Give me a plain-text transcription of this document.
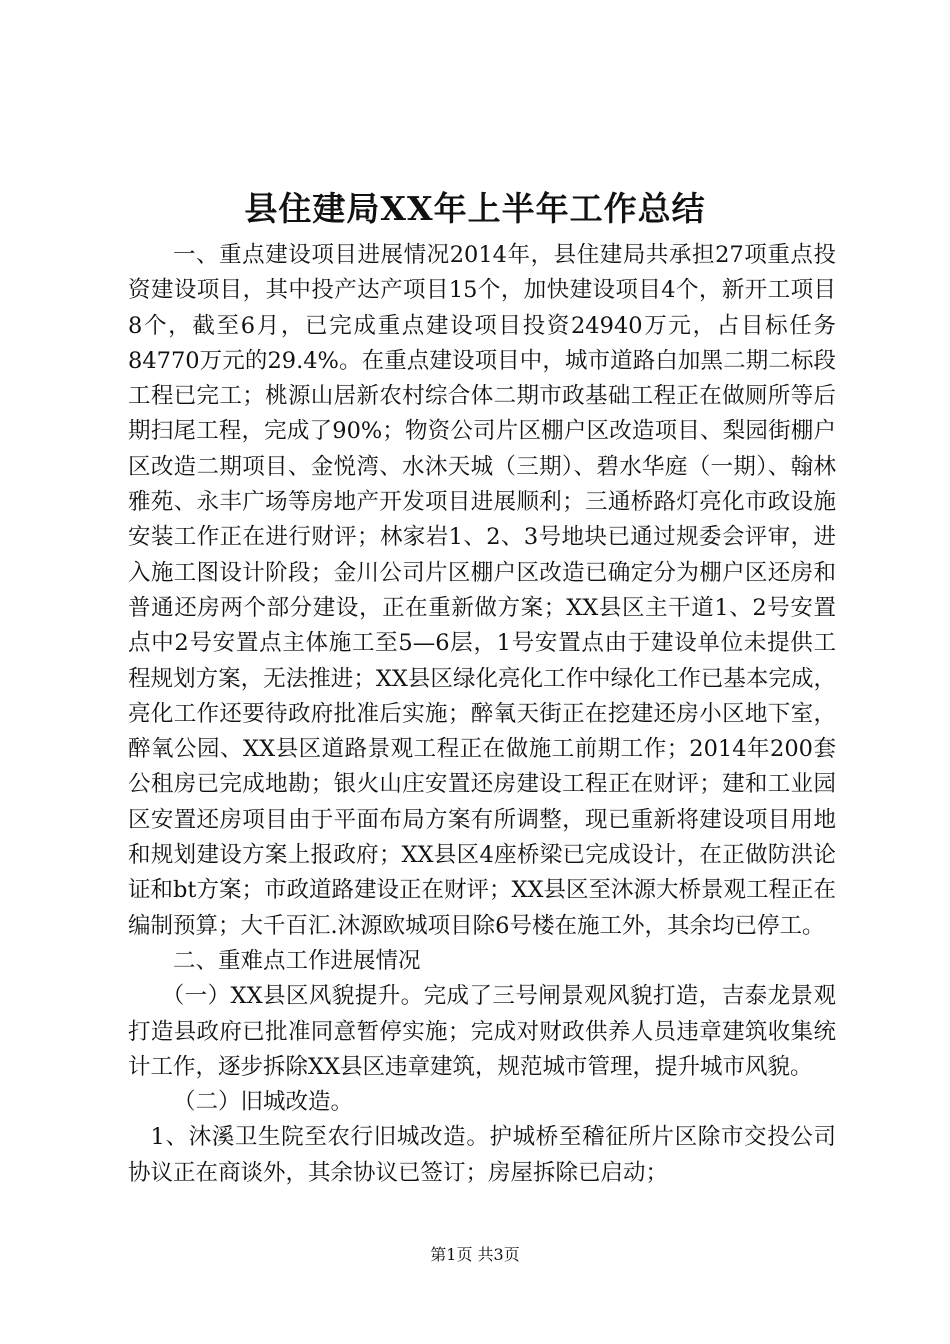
县住建局XX年上半年工作总结

一、重点建设项目进展情况2014年，县住建局共承担27项重点投资建设项目，其中投产达产项目15个，加快建设项目4个，新开工项目8个，截至6月，已完成重点建设项目投资24940万元，占目标任务84770万元的29.4%。在重点建设项目中，城市道路白加黑二期二标段工程已完工；桃源山居新农村综合体二期市政基础工程正在做厕所等后期扫尾工程，完成了90%；物资公司片区棚户区改造项目、梨园街棚户区改造二期项目、金悦湾、水沐天城（三期）、碧水华庭（一期）、翰林雅苑、永丰广场等房地产开发项目进展顺利；三通桥路灯亮化市政设施安装工作正在进行财评；林家岩1、2、3号地块已通过规委会评审，进入施工图设计阶段；金川公司片区棚户区改造已确定分为棚户区还房和普通还房两个部分建设，正在重新做方案；XX县区主干道1、2号安置点中2号安置点主体施工至5—6层，1号安置点由于建设单位未提供工程规划方案，无法推进；XX县区绿化亮化工作中绿化工作已基本完成，亮化工作还要待政府批准后实施；醉氧天街正在挖建还房小区地下室，醉氧公园、XX县区道路景观工程正在做施工前期工作；2014年200套公租房已完成地勘；银火山庄安置还房建设工程正在财评；建和工业园区安置还房项目由于平面布局方案有所调整，现已重新将建设项目用地和规划建设方案上报政府；XX县区4座桥梁已完成设计，在正做防洪论证和bt方案；市政道路建设正在财评；XX县区至沐源大桥景观工程正在编制预算；大千百汇.沐源欧城项目除6号楼在施工外，其余均已停工。

二、重难点工作进展情况

（一）XX县区风貌提升。完成了三号闸景观风貌打造，吉泰龙景观打造县政府已批准同意暂停实施；完成对财政供养人员违章建筑收集统计工作，逐步拆除XX县区违章建筑，规范城市管理，提升城市风貌。

（二）旧城改造。

1、沐溪卫生院至农行旧城改造。护城桥至稽征所片区除市交投公司协议正在商谈外，其余协议已签订；房屋拆除已启动；

第1页 共3页
